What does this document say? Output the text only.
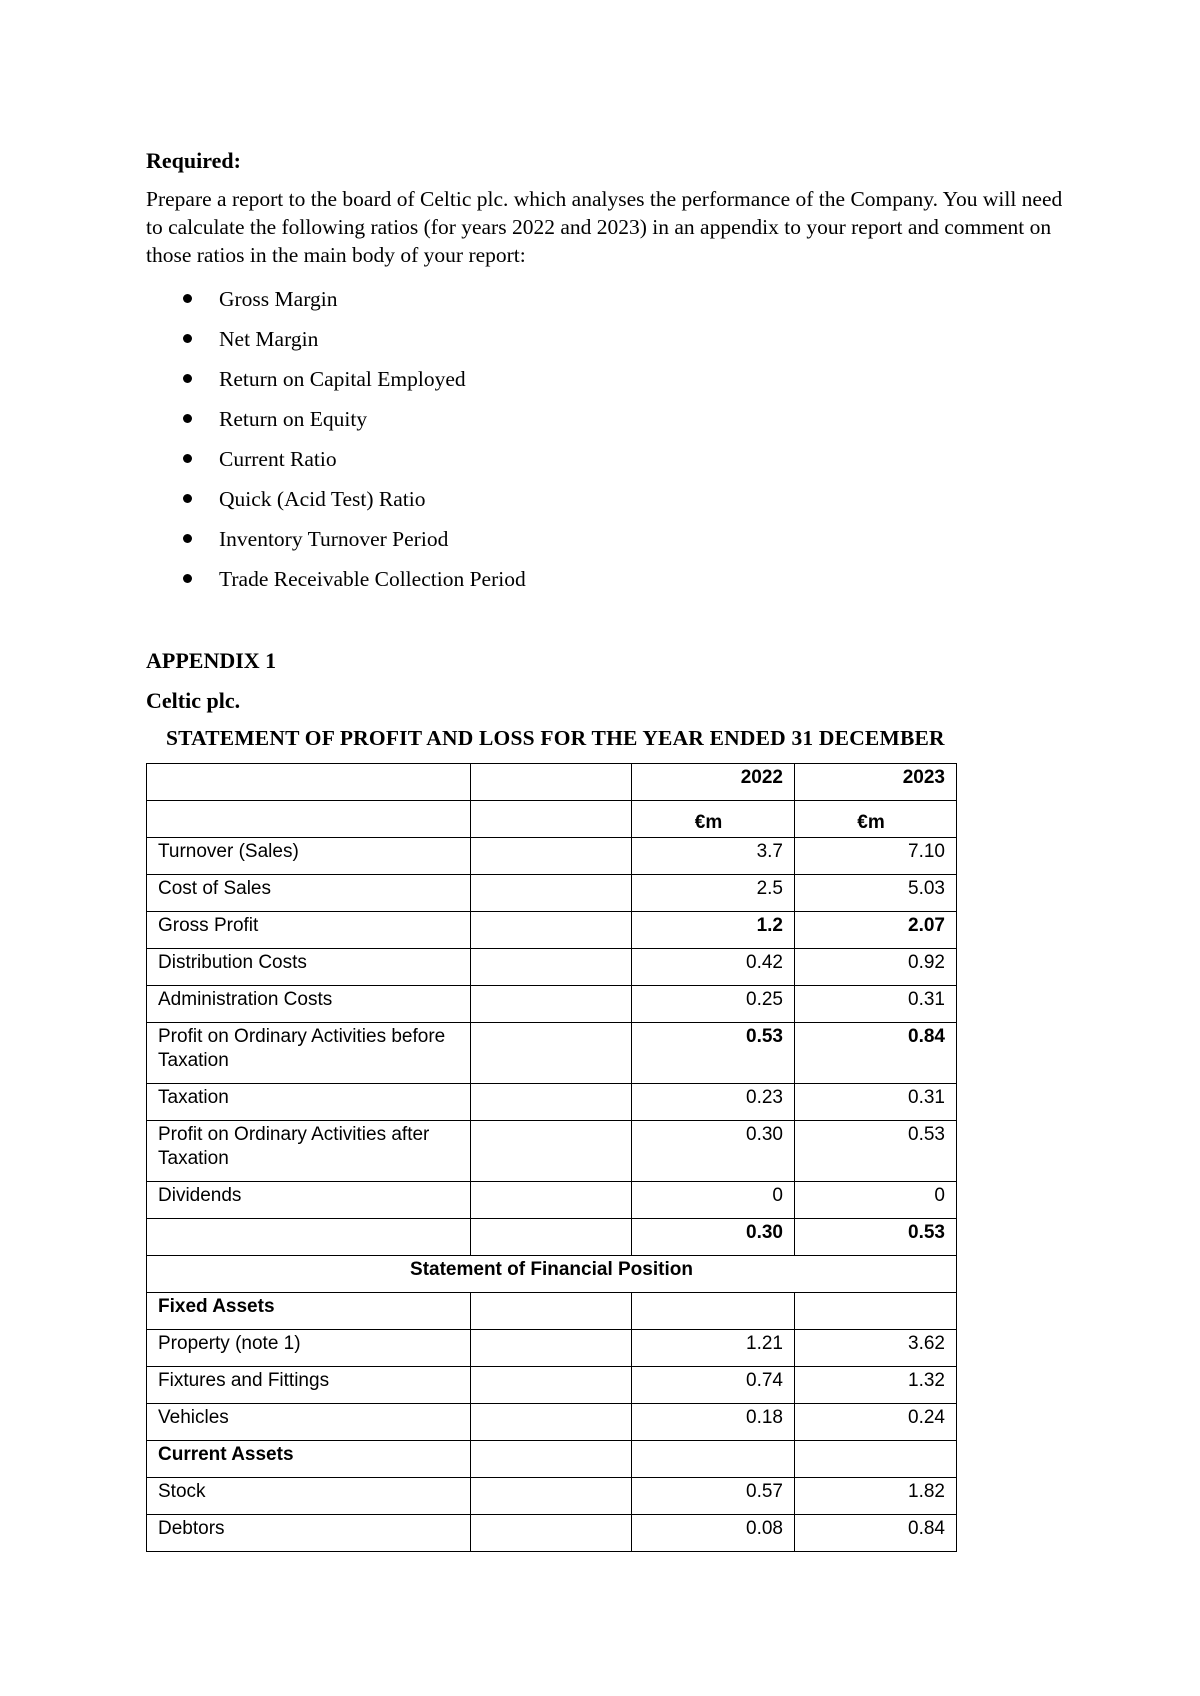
Required:
Prepare a report to the board of Celtic plc. which analyses the performance of the Company. You will need to calculate the following ratios (for years 2022 and 2023) in an appendix to your report and comment on those ratios in the main body of your report:
Gross Margin
Net Margin
Return on Capital Employed
Return on Equity
Current Ratio
Quick (Acid Test) Ratio
Inventory Turnover Period
Trade Receivable Collection Period
APPENDIX 1
Celtic plc.
STATEMENT OF PROFIT AND LOSS FOR THE YEAR ENDED 31 DECEMBER
		2022	2023
		€m	€m
Turnover (Sales)		3.7	7.10
Cost of Sales		2.5	5.03
Gross Profit		1.2	2.07
Distribution Costs		0.42	0.92
Administration Costs		0.25	0.31
Profit on Ordinary Activities before Taxation		0.53	0.84
Taxation		0.23	0.31
Profit on Ordinary Activities after Taxation		0.30	0.53
Dividends		0	0
		0.30	0.53
Statement of Financial Position			
Fixed Assets			
Property (note 1)		1.21	3.62
Fixtures and Fittings		0.74	1.32
Vehicles		0.18	0.24
Current Assets			
Stock		0.57	1.82
Debtors		0.08	0.84
